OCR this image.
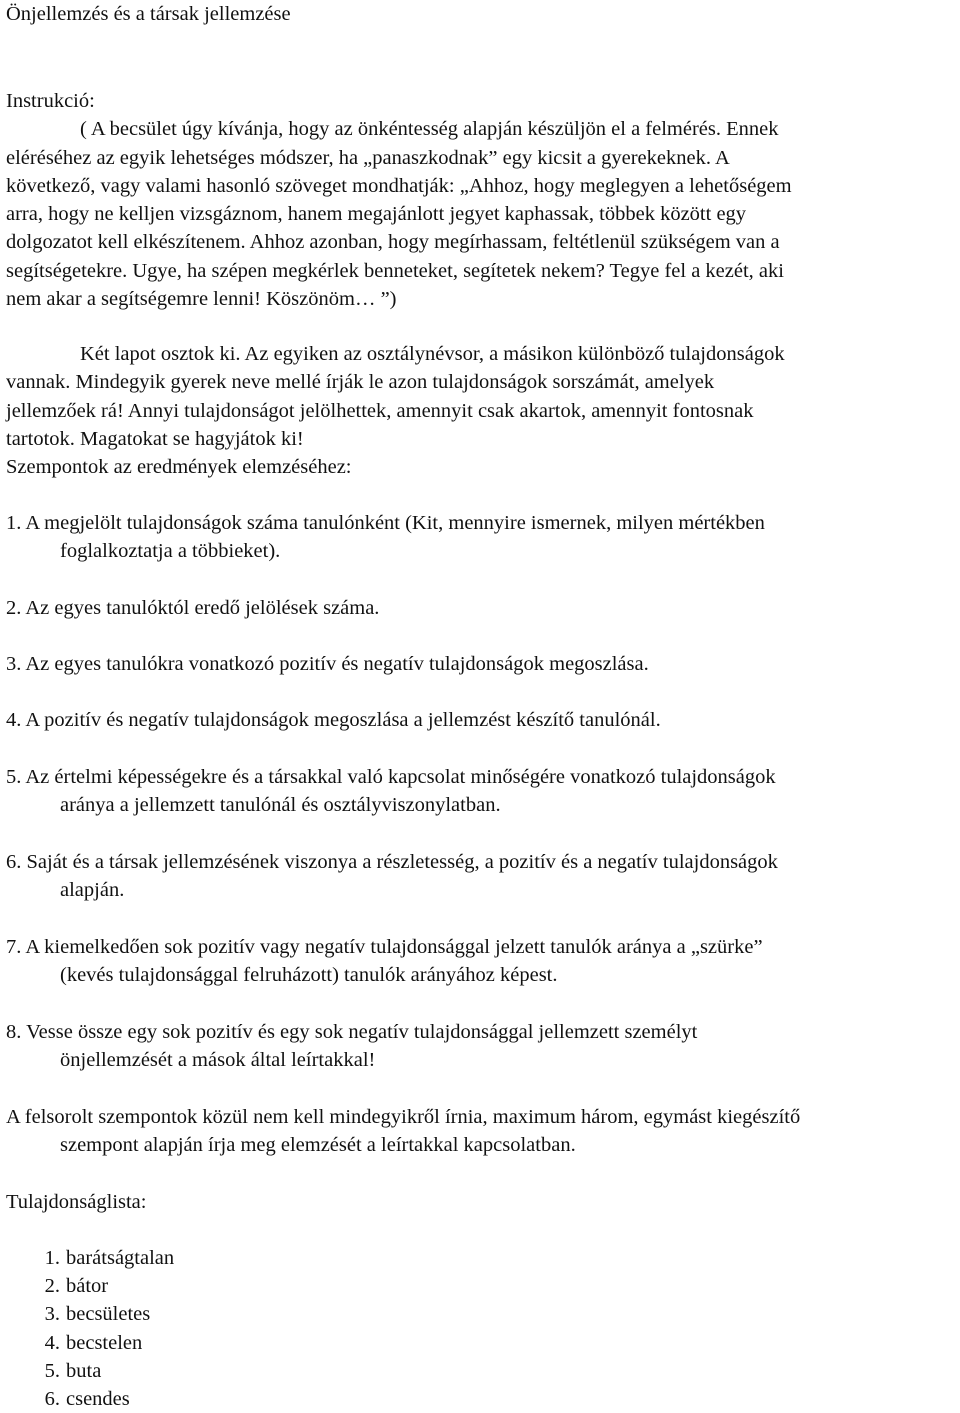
Önjellemzés és a társak jellemzése
Instrukció:
( A becsület úgy kívánja, hogy az önkéntesség alapján készüljön el a felmérés. Ennek
eléréséhez az egyik lehetséges módszer, ha „panaszkodnak” egy kicsit a gyerekeknek. A
következő, vagy valami hasonló szöveget mondhatják: „Ahhoz, hogy meglegyen a lehetőségem
arra, hogy ne kelljen vizsgáznom, hanem megajánlott jegyet kaphassak, többek között egy
dolgozatot kell elkészítenem. Ahhoz azonban, hogy megírhassam, feltétlenül szükségem van a
segítségetekre. Ugye, ha szépen megkérlek benneteket, segítetek nekem? Tegye fel a kezét, aki
nem akar a segítségemre lenni! Köszönöm… ”)
Két lapot osztok ki. Az egyiken az osztálynévsor, a másikon különböző tulajdonságok
vannak. Mindegyik gyerek neve mellé írják le azon tulajdonságok sorszámát, amelyek
jellemzőek rá! Annyi tulajdonságot jelölhettek, amennyit csak akartok, amennyit fontosnak
tartotok. Magatokat se hagyjátok ki!
Szempontok az eredmények elemzéséhez:
1. A megjelölt tulajdonságok száma tanulónként (Kit, mennyire ismernek, milyen mértékben
foglalkoztatja a többieket).
2. Az egyes tanulóktól eredő jelölések száma.
3. Az egyes tanulókra vonatkozó pozitív és negatív tulajdonságok megoszlása.
4. A pozitív és negatív tulajdonságok megoszlása a jellemzést készítő tanulónál.
5. Az értelmi képességekre és a társakkal való kapcsolat minőségére vonatkozó tulajdonságok
aránya a jellemzett tanulónál és osztályviszonylatban.
6. Saját és a társak jellemzésének viszonya a részletesség, a pozitív és a negatív tulajdonságok
alapján.
7. A kiemelkedően sok pozitív vagy negatív tulajdonsággal jelzett tanulók aránya a „szürke”
(kevés tulajdonsággal felruházott) tanulók arányához képest.
8. Vesse össze egy sok pozitív és egy sok negatív tulajdonsággal jellemzett személyt
önjellemzését a mások által leírtakkal!
A felsorolt szempontok közül nem kell mindegyikről írnia, maximum három, egymást kiegészítő
szempont alapján írja meg elemzését a leírtakkal kapcsolatban.
Tulajdonságlista:
1. barátságtalan
2. bátor
3. becsületes
4. becstelen
5. buta
6. csendes
